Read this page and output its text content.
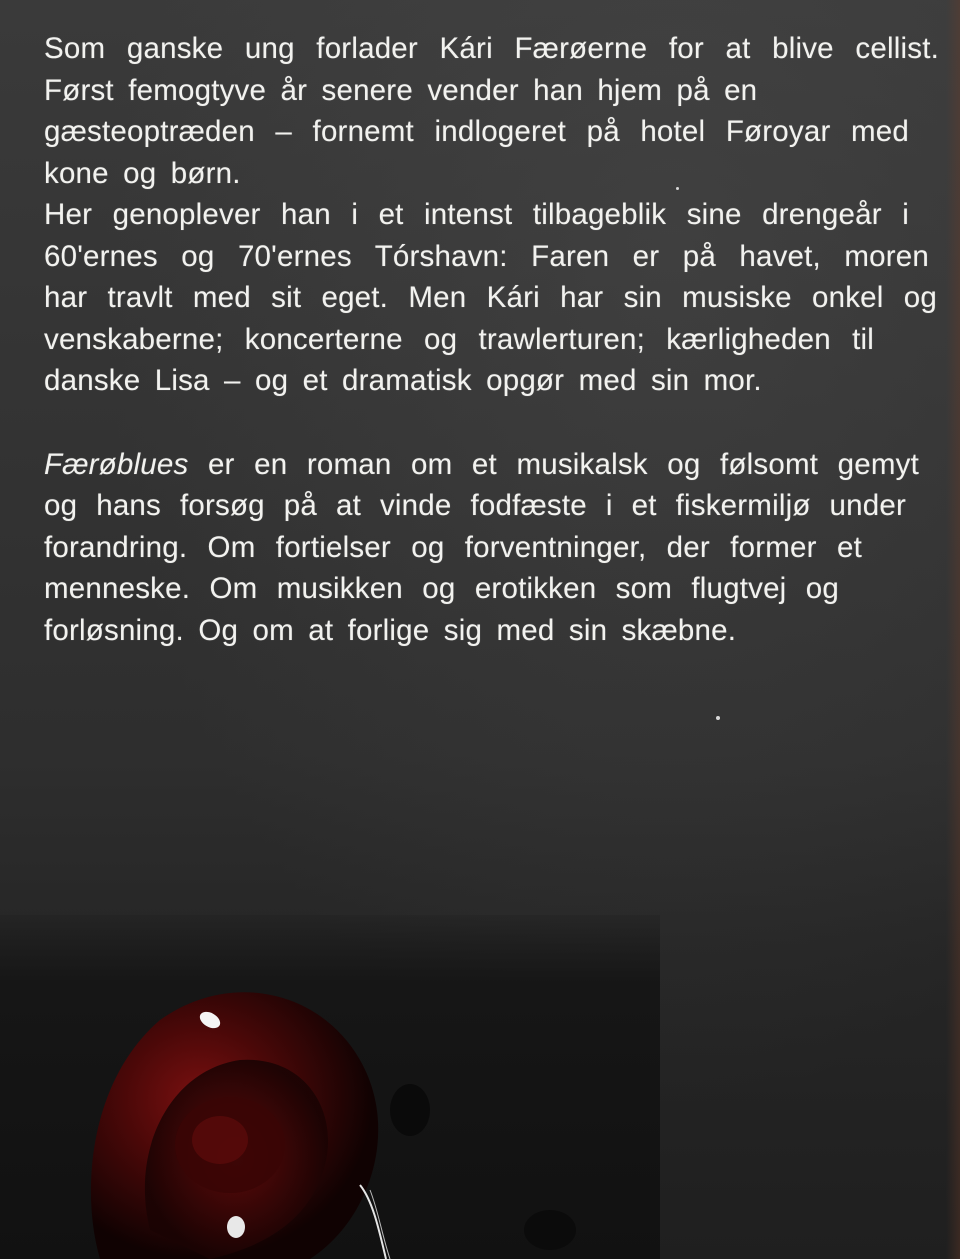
Som ganske ung forlader Kári Færøerne for at blive cellist.
Først femogtyve år senere vender han hjem på en
gæsteoptræden – fornemt indlogeret på hotel Føroyar med
kone og børn.
Her genoplever han i et intenst tilbageblik sine drengeår i
60'ernes og 70'ernes Tórshavn: Faren er på havet, moren
har travlt med sit eget. Men Kári har sin musiske onkel og
venskaberne; koncerterne og trawlerturen; kærligheden til
danske Lisa – og et dramatisk opgør med sin mor.

Færøblues er en roman om et musikalsk og følsomt gemyt
og hans forsøg på at vinde fodfæste i et fiskermiljø under
forandring. Om fortielser og forventninger, der former et
menneske. Om musikken og erotikken som flugtvej og
forløsning. Og om at forlige sig med sin skæbne.
